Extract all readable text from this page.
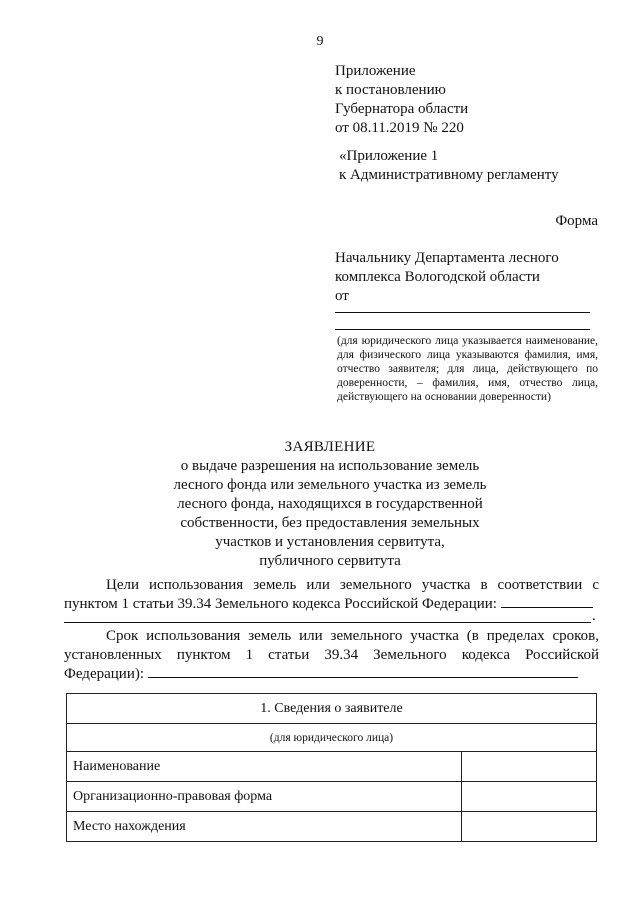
9
Приложение
к постановлению
Губернатора области
от 08.11.2019 № 220
«Приложение 1
к Административному регламенту
Форма
Начальнику Департамента лесного
комплекса Вологодской области
от
(для юридического лица указывается наименование, для физического лица указываются фамилия, имя, отчество заявителя; для лица, действующего по доверенности, – фамилия, имя, отчество лица, действующего на основании доверенности)
ЗАЯВЛЕНИЕ
о выдаче разрешения на использование земель
лесного фонда или земельного участка из земель
лесного фонда, находящихся в государственной
собственности, без предоставления земельных
участков и установления сервитута,
публичного сервитута
Цели использования земель или земельного участка в соответствии с пунктом 1 статьи 39.34 Земельного кодекса Российской Федерации:
.
Срок использования земель или земельного участка (в пределах сроков, установленных пунктом 1 статьи 39.34 Земельного кодекса Российской Федерации):
1. Сведения о заявителе	
(для юридического лица)	
Наименование	
Организационно-правовая форма	
Место нахождения	
